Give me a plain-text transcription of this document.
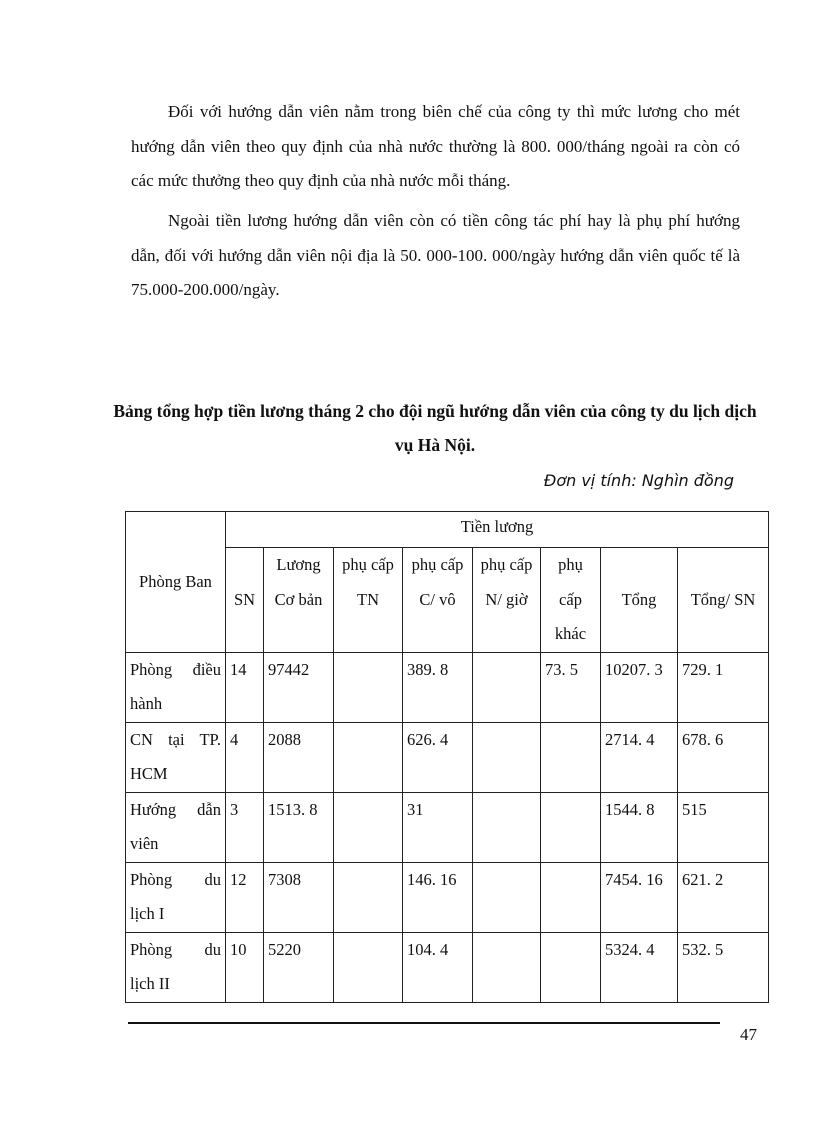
Đối với hướng dẫn viên nằm trong biên chế của công ty thì mức lương cho mét hướng dẫn viên theo quy định của nhà nước thường là 800. 000/tháng ngoài ra còn có các mức thưởng theo quy định của nhà nước mỗi tháng.

Ngoài tiền lương hướng dẫn viên còn có tiền công tác phí hay là phụ phí hướng dẫn, đối với hướng dẫn viên nội địa là 50. 000-100. 000/ngày hướng dẫn viên quốc tế là 75.000-200.000/ngày.

Bảng tổng hợp tiền lương tháng 2 cho đội ngũ hướng dẫn viên của công ty du lịch dịch vụ Hà Nội.

Đơn vị tính: Nghìn đồng

Phòng Ban	Tiền lương							
	SN	Lương Cơ bản	phụ cấp TN	phụ cấp C/ vô	phụ cấp N/ giờ	phụ cấp khác	Tổng	Tổng/ SN
Phòng điều hành	14	97442		389. 8		73. 5	10207. 3	729. 1
CN tại TP. HCM	4	2088		626. 4			2714. 4	678. 6
Hướng dẫn viên	3	1513. 8		31			1544. 8	515
Phòng du lịch I	12	7308		146. 16			7454. 16	621. 2
Phòng du lịch II	10	5220		104. 4			5324. 4	532. 5

47
